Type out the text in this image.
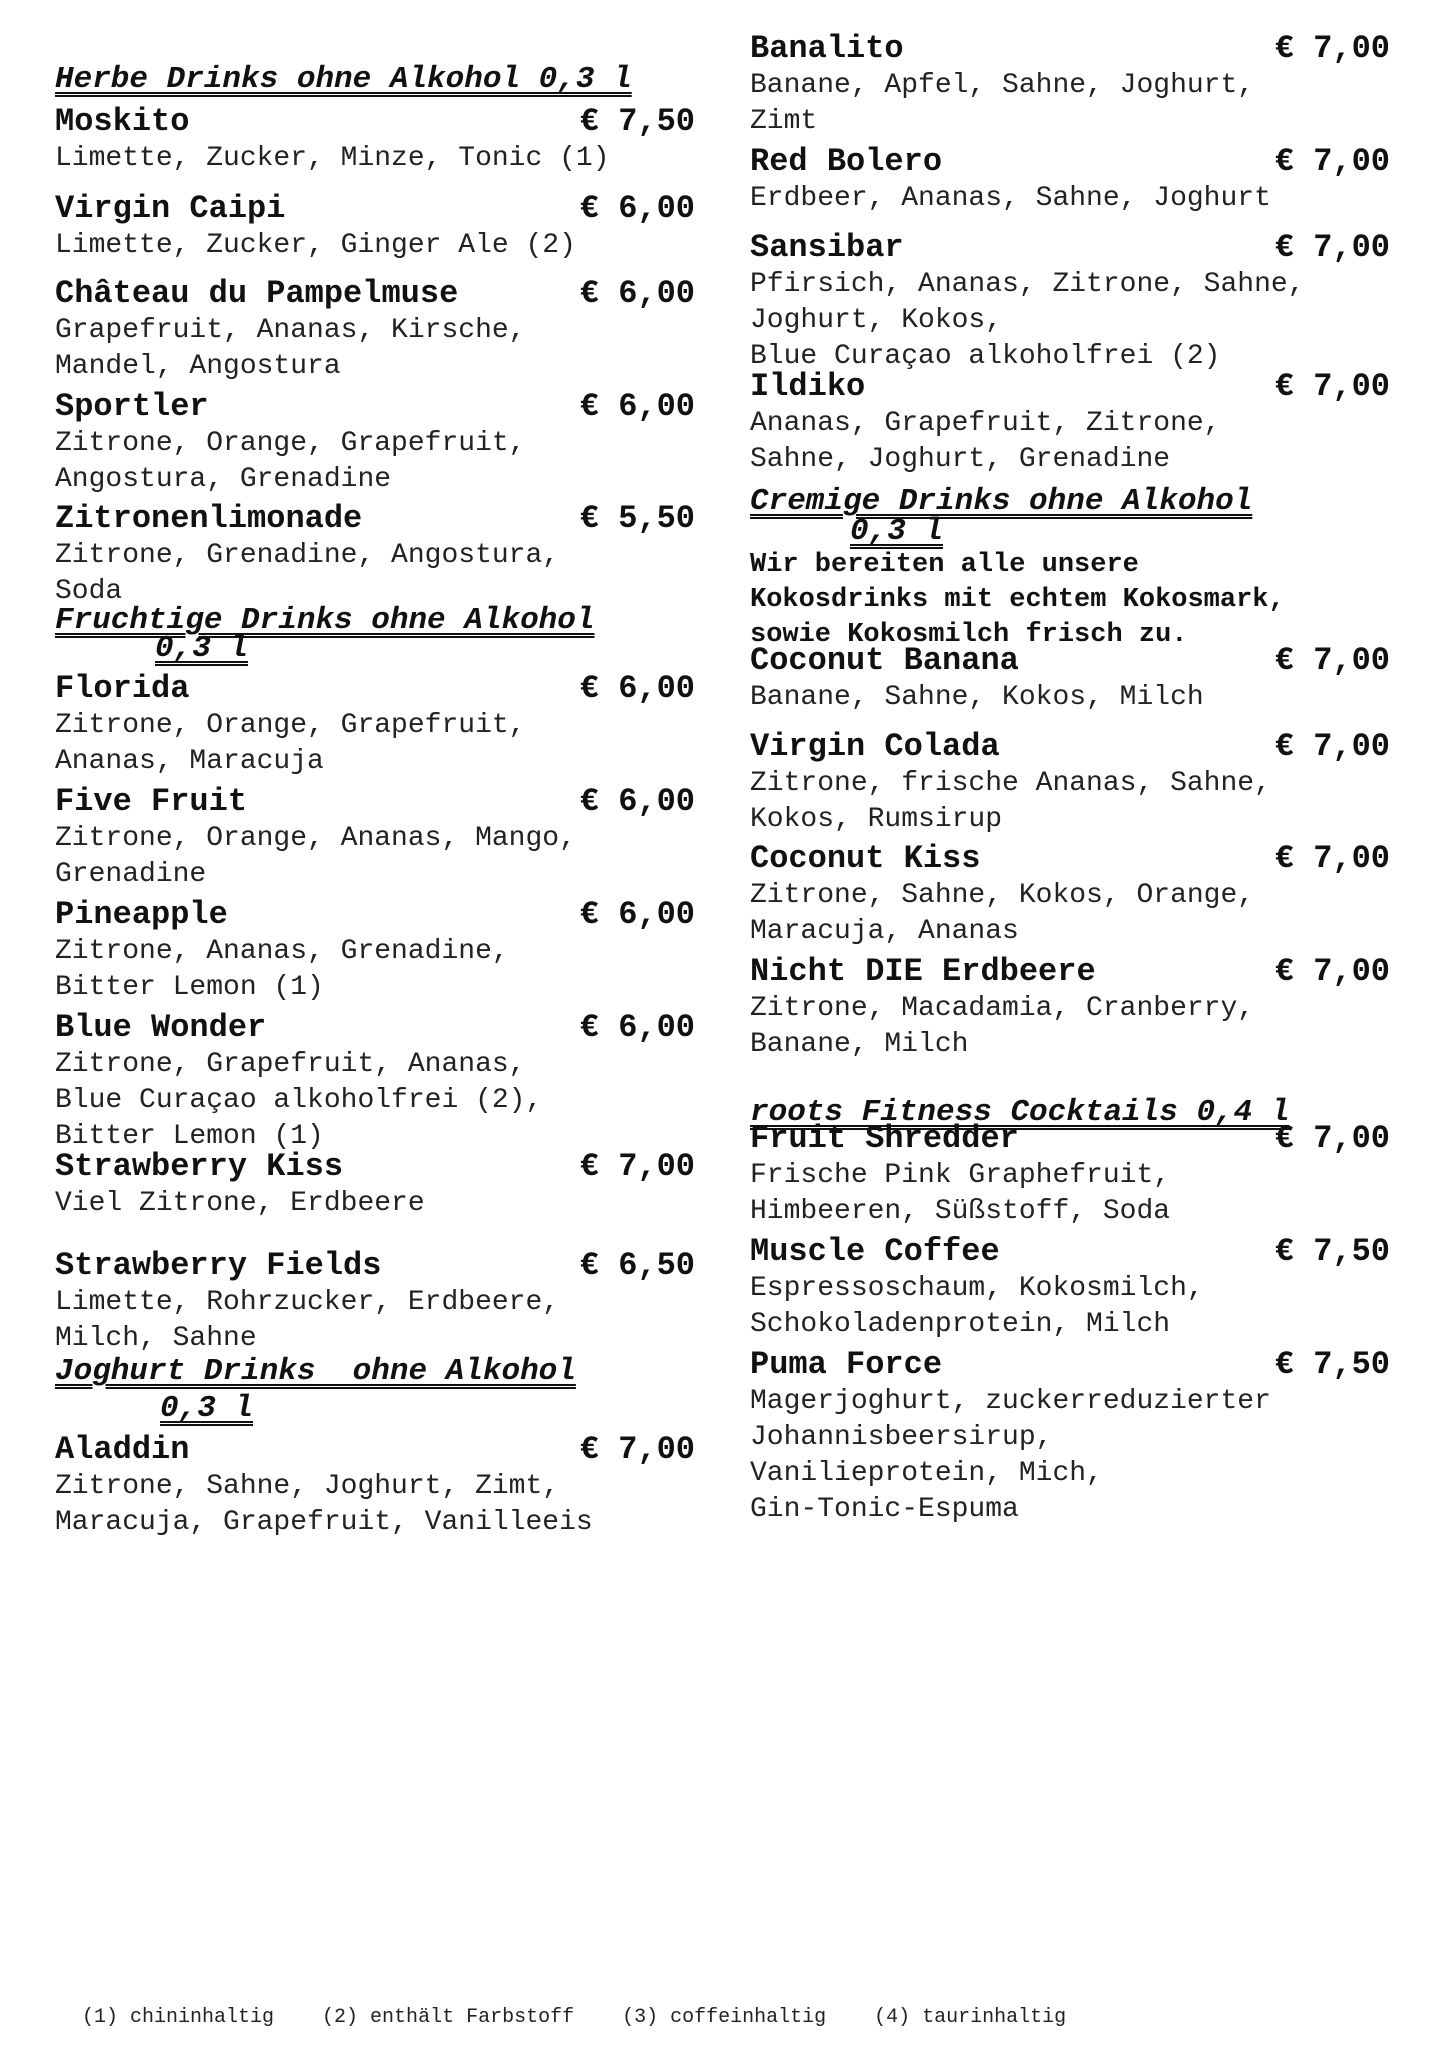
Herbe Drinks ohne Alkohol 0,3 l
Moskito	€ 7,50
Limette, Zucker, Minze, Tonic (1)
Virgin Caipi	€ 6,00
Limette, Zucker, Ginger Ale (2)
Château du Pampelmuse	€ 6,00
Grapefruit, Ananas, Kirsche,
Mandel, Angostura
Sportler	€ 6,00
Zitrone, Orange, Grapefruit,
Angostura, Grenadine
Zitronenlimonade	€ 5,50
Zitrone, Grenadine, Angostura,
Soda
Fruchtige Drinks ohne Alkohol
0,3 l
Florida	€ 6,00
Zitrone, Orange, Grapefruit,
Ananas, Maracuja
Five Fruit	€ 6,00
Zitrone, Orange, Ananas, Mango,
Grenadine
Pineapple	€ 6,00
Zitrone, Ananas, Grenadine,
Bitter Lemon (1)
Blue Wonder	€ 6,00
Zitrone, Grapefruit, Ananas,
Blue Curaçao alkoholfrei (2),
Bitter Lemon (1)
Strawberry Kiss	€ 7,00
Viel Zitrone, Erdbeere
Strawberry Fields	€ 6,50
Limette, Rohrzucker, Erdbeere,
Milch, Sahne
Joghurt Drinks  ohne Alkohol
0,3 l
Aladdin	€ 7,00
Zitrone, Sahne, Joghurt, Zimt,
Maracuja, Grapefruit, Vanilleeis
Banalito	€ 7,00
Banane, Apfel, Sahne, Joghurt,
Zimt
Red Bolero	€ 7,00
Erdbeer, Ananas, Sahne, Joghurt
Sansibar	€ 7,00
Pfirsich, Ananas, Zitrone, Sahne,
Joghurt, Kokos,
Blue Curaçao alkoholfrei (2)
Ildiko	€ 7,00
Ananas, Grapefruit, Zitrone,
Sahne, Joghurt, Grenadine
Cremige Drinks ohne Alkohol
0,3 l
Wir bereiten alle unsere
Kokosdrinks mit echtem Kokosmark,
sowie Kokosmilch frisch zu.
Coconut Banana	€ 7,00
Banane, Sahne, Kokos, Milch
Virgin Colada	€ 7,00
Zitrone, frische Ananas, Sahne,
Kokos, Rumsirup
Coconut Kiss	€ 7,00
Zitrone, Sahne, Kokos, Orange,
Maracuja, Ananas
Nicht DIE Erdbeere	€ 7,00
Zitrone, Macadamia, Cranberry,
Banane, Milch
roots Fitness Cocktails 0,4 l
Fruit Shredder	€ 7,00
Frische Pink Graphefruit,
Himbeeren, Süßstoff, Soda
Muscle Coffee	€ 7,50
Espressoschaum, Kokosmilch,
Schokoladenprotein, Milch
Puma Force	€ 7,50
Magerjoghurt, zuckerreduzierter
Johannisbeersirup,
Vanilieprotein, Mich,
Gin-Tonic-Espuma

(1) chininhaltig (2) enthält Farbstoff (3) coffeinhaltig (4) taurinhaltig
